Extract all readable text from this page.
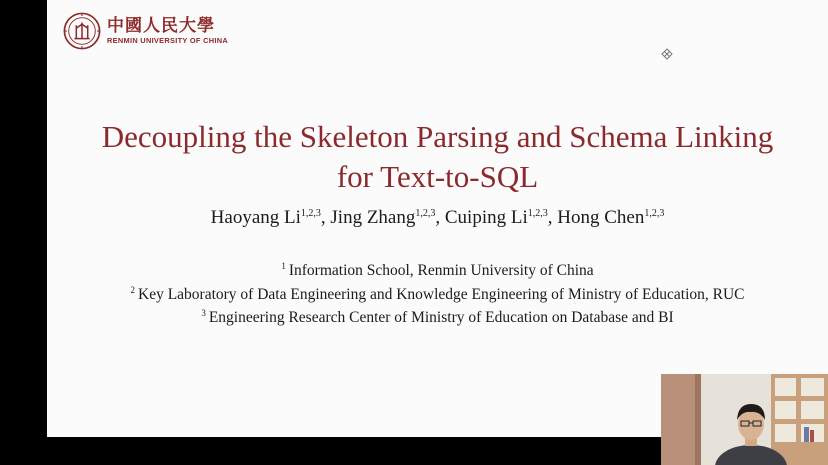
中國人民大學
RENMIN UNIVERSITY OF CHINA
Decoupling the Skeleton Parsing and Schema Linking
for Text-to-SQL
Haoyang Li$^{1,2,3}$, Jing Zhang$^{1,2,3}$, Cuiping Li$^{1,2,3}$, Hong Chen$^{1,2,3}$
$^1$ Information School, Renmin University of China
$^2$ Key Laboratory of Data Engineering and Knowledge Engineering of Ministry of Education, RUC
$^3$ Engineering Research Center of Ministry of Education on Database and BI
